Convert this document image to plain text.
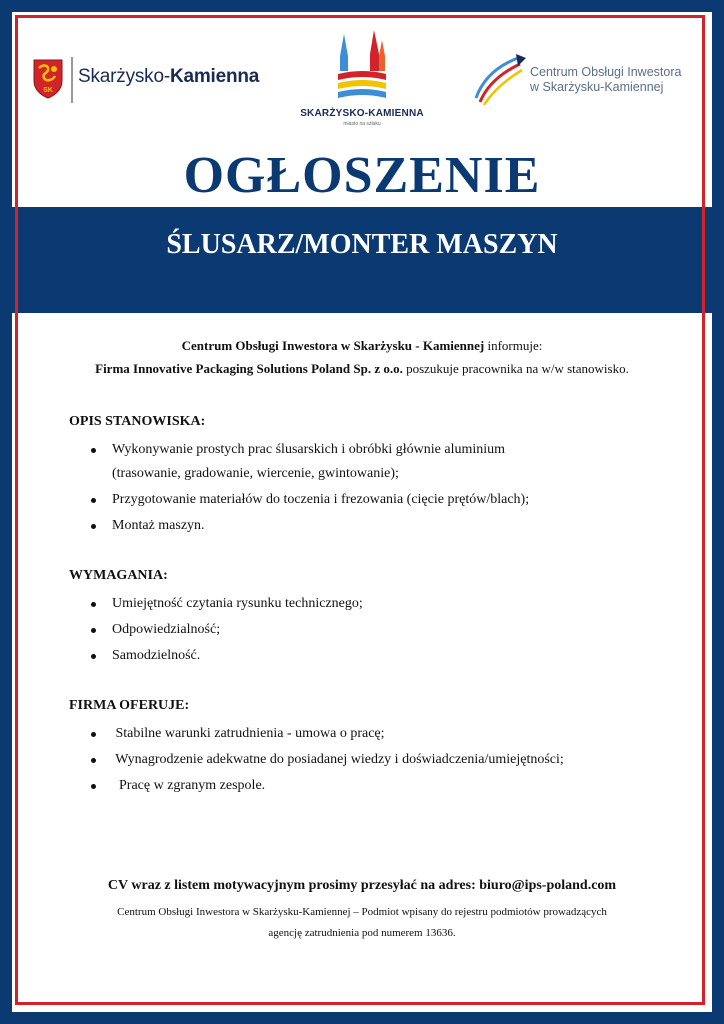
SK
Skarżysko-Kamienna
SKARŻYSKO-KAMIENNA
miasto na szlaku
Centrum Obsługi Inwestora
w Skarżysku-Kamiennej
OGŁOSZENIE
ŚLUSARZ/MONTER MASZYN
Centrum Obsługi Inwestora w Skarżysku - Kamiennej informuje:
Firma Innovative Packaging Solutions Poland Sp. z o.o. poszukuje pracownika na w/w stanowisko.
OPIS STANOWISKA:
Wykonywanie prostych prac ślusarskich i obróbki głównie aluminium
(trasowanie, gradowanie, wiercenie, gwintowanie);
Przygotowanie materiałów do toczenia i frezowania (cięcie prętów/blach);
Montaż maszyn.
WYMAGANIA:
Umiejętność czytania rysunku technicznego;
Odpowiedzialność;
Samodzielność.
FIRMA OFERUJE:
Stabilne warunki zatrudnienia - umowa o pracę;
Wynagrodzenie adekwatne do posiadanej wiedzy i doświadczenia/umiejętności;
Pracę w zgranym zespole.
CV wraz z listem motywacyjnym prosimy przesyłać na adres: biuro@ips-poland.com
Centrum Obsługi Inwestora w Skarżysku-Kamiennej – Podmiot wpisany do rejestru podmiotów prowadzących
agencję zatrudnienia pod numerem 13636.
